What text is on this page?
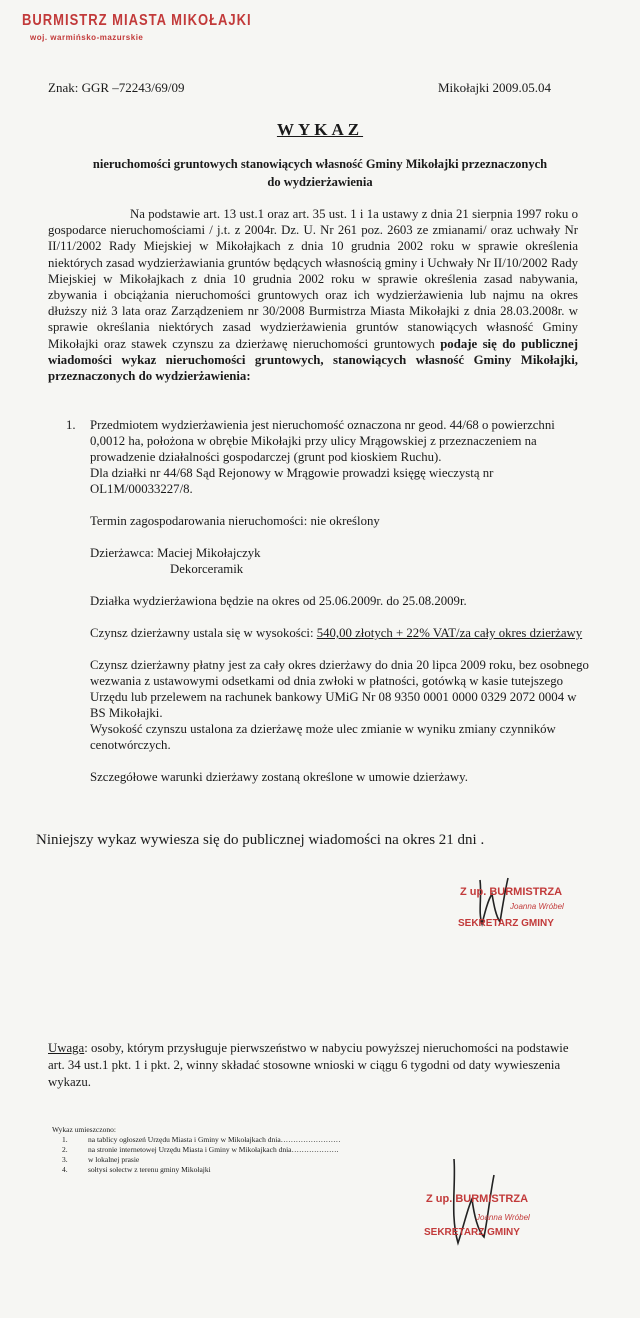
BURMISTRZ MIASTA MIKOŁAJKI
woj. warmińsko-mazurskie
Znak: GGR –72243/69/09	Mikołajki 2009.05.04
WYKAZ
nieruchomości gruntowych stanowiących własność Gminy Mikołajki przeznaczonych
do wydzierżawienia
Na podstawie art. 13 ust.1 oraz art. 35 ust. 1 i 1a ustawy z dnia 21 sierpnia 1997 roku o gospodarce nieruchomościami / j.t. z 2004r. Dz. U. Nr 261 poz. 2603 ze zmianami/ oraz uchwały Nr II/11/2002 Rady Miejskiej w Mikołajkach z dnia 10 grudnia 2002 roku w sprawie określenia niektórych zasad wydzierżawiania gruntów będących własnością gminy i Uchwały Nr II/10/2002 Rady Miejskiej w Mikołajkach z dnia 10 grudnia 2002 roku w sprawie określenia zasad nabywania, zbywania i obciążania nieruchomości gruntowych oraz ich wydzierżawienia lub najmu na okres dłuższy niż 3 lata oraz Zarządzeniem nr 30/2008 Burmistrza Miasta Mikołajki z dnia 28.03.2008r. w sprawie określania niektórych zasad wydzierżawienia gruntów stanowiących własność Gminy Mikołajki oraz stawek czynszu za dzierżawę nieruchomości gruntowych podaje się do publicznej wiadomości wykaz nieruchomości gruntowych, stanowiących własność Gminy Mikołajki, przeznaczonych do wydzierżawienia:
1. Przedmiotem wydzierżawienia jest nieruchomość oznaczona nr geod. 44/68 o powierzchni 0,0012 ha, położona w obrębie Mikołajki przy ulicy Mrągowskiej z przeznaczeniem na prowadzenie działalności gospodarczej (grunt pod kioskiem Ruchu).
Dla działki nr 44/68 Sąd Rejonowy w Mrągowie prowadzi księgę wieczystą nr OL1M/00033227/8.
Termin zagospodarowania nieruchomości: nie określony
Dzierżawca: Maciej Mikołajczyk
Dekorceramik
Działka wydzierżawiona będzie na okres od 25.06.2009r. do 25.08.2009r.
Czynsz dzierżawny ustala się w wysokości: 540,00 złotych + 22% VAT/za cały okres dzierżawy
Czynsz dzierżawny płatny jest za cały okres dzierżawy do dnia 20 lipca 2009 roku, bez osobnego wezwania z ustawowymi odsetkami od dnia zwłoki w płatności, gotówką w kasie tutejszego Urzędu lub przelewem na rachunek bankowy UMiG Nr 08 9350 0001 0000 0329 2072 0004 w BS Mikołajki.
Wysokość czynszu ustalona za dzierżawę może ulec zmianie w wyniku zmiany czynników cenotwórczych.
Szczegółowe warunki dzierżawy zostaną określone w umowie dzierżawy.
Niniejszy wykaz wywiesza się do publicznej wiadomości na okres 21 dni .
Z up. BURMISTRZA
Joanna Wróbel
SEKRETARZ GMINY
Uwaga: osoby, którym przysługuje pierwszeństwo w nabyciu powyższej nieruchomości na podstawie art. 34 ust.1 pkt. 1 i pkt. 2, winny składać stosowne wnioski w ciągu 6 tygodni od daty wywieszenia wykazu.
Wykaz umieszczono:
1.	na tablicy ogłoszeń Urzędu Miasta i Gminy w Mikołajkach dnia……………………
2.	na stronie internetowej Urzędu Miasta i Gminy w Mikołajkach dnia……………….
3.	w lokalnej prasie
4.	sołtysi sołectw z terenu gminy Mikołajki
Z up. BURMISTRZA
Joanna Wróbel
SEKRETARZ GMINY
